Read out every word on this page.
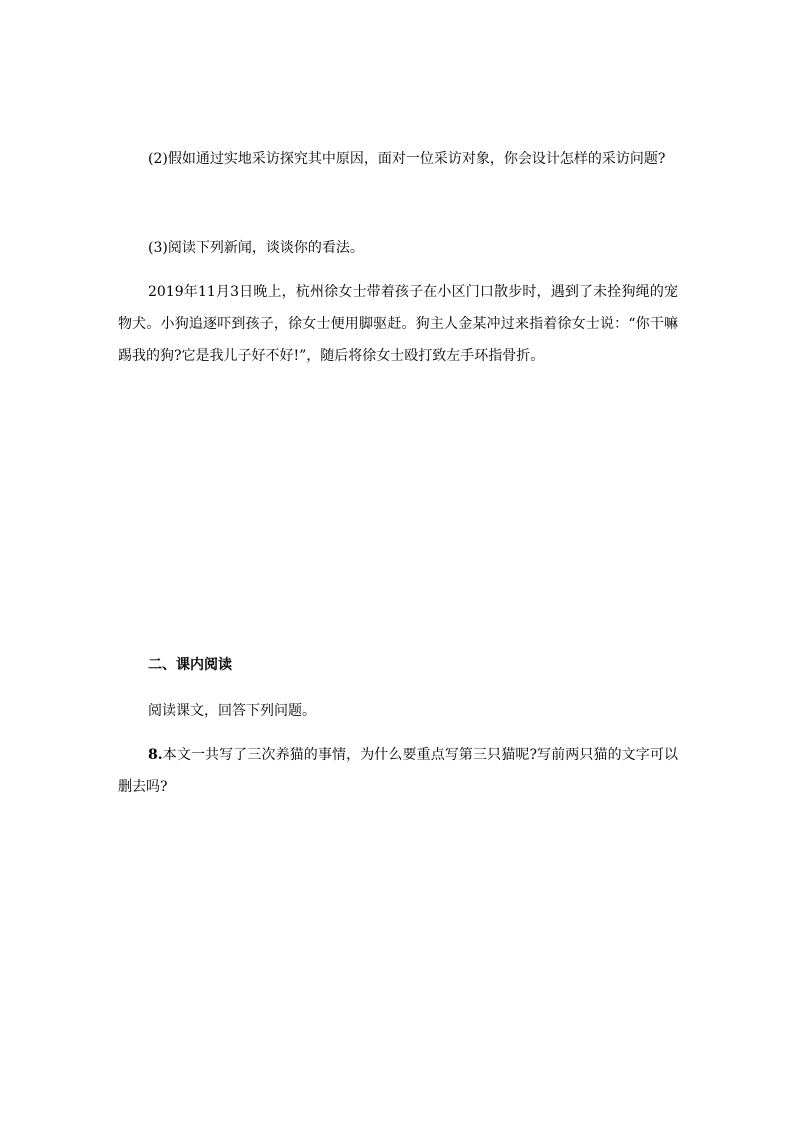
(2)假如通过实地采访探究其中原因，面对一位采访对象，你会设计怎样的采访问题?
(3)阅读下列新闻，谈谈你的看法。
2019年11月3日晚上，杭州徐女士带着孩子在小区门口散步时，遇到了未拴狗绳的宠物犬。小狗追逐吓到孩子，徐女士便用脚驱赶。狗主人金某冲过来指着徐女士说：“你干嘛踢我的狗?它是我儿子好不好!”，随后将徐女士殴打致左手环指骨折。
二、课内阅读
阅读课文，回答下列问题。
8.本文一共写了三次养猫的事情，为什么要重点写第三只猫呢?写前两只猫的文字可以删去吗?
